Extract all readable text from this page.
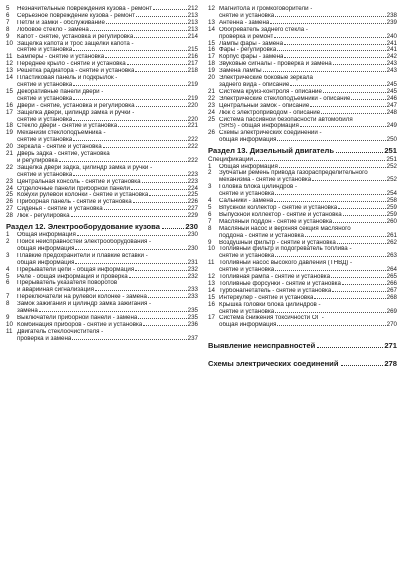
5	Незначительные повреждения кузова - ремонт	212
6	Серьезное повреждение кузова - ремонт	213
7	Петли и замки - обслуживание	213
8	Лобовое стекло - замена	213
9	Капот - снятие, установка и регулировка	214
10 Защелка капота и трос защелки капота -
снятие и установка	215
11 Бамперы - снятие и установка	216
12 Переднее крыло - снятие и установка	217
13 Решетка радиатора - снятие и установка	218
14 Пластиковая панель и подкрылок -
снятие и установка	219
15 Декоративные панели двери -
снятие и установка	219
16 Двери - снятие, установка и регулировка	220
17 Защелка двери, цилиндр замка и ручки -
снятие и установка	220
18 Стекло двери - снятие и установка	221
19 Механизм стеклоподъемника -
снятие и установка	222
20 Зеркала - снятие и установка	222
21 Дверь задка - снятие, установка
и регулировка	222
22 Защелка двери задка, цилиндр замка и ручки -
снятие и установка	223
23 Центральная консоль - снятие и установка	223
24 Отделочные панели приборной панели	224
25 Кожухи рулевой колонки - снятие и установка	225
26 Приборная панель - снятие и установка	226
27 Сиденья - снятие и установка	227
28 Люк - регулировка	229
Раздел 12. Электрооборудование кузова	230
1	Общая информация	230
2	Поиск неисправностей электрооборудования -
общая информация	230
3	Плавкие предохранители и плавкие вставки -
общая информация	231
4	Прерыватели цепи - общая информация	232
5	Реле - общая информация и проверка	232
6	Прерыватель указателя поворотов
и аварийная сигнализация	233
7	Переключатели на рулевой колонке - замена	233
8	Замок зажигания и цилиндр замка зажигания -
замена	235
9	Выключатели приборной панели - замена	235
10 Комбинация приборов - снятие и установка	236
11 Двигатель стеклоочистителя -
проверка и замена	237
12 Магнитола и громкоговорители -
снятие и установка	238
13 Антенна - замена	239
14 Обогреватель заднего стекла -
проверка и ремонт	240
15 Лампы фары - замена	241
16 Фары - регулировка	241
17 Корпус фары - замена	242
18 Звуковые сигналы - проверка и замена	243
19 Замена лампы	243
20 Электрические боковые зеркала
заднего вида - описание	245
21 Система круиз-контроля - описание	245
22 Электрические стеклоподъемники - описание	246
23 Центральный замок - описание	247
24 Люк с электроприводом - описание	248
25 Система пассивной безопасности автомобиля
(SRS) - общая информация	249
26 Схемы электрических соединений -
общая информация	250
Раздел 13. Дизельный двигатель	251
Спецификации	251
1	Общая информация	252
2	Зубчатый ремень привода газораспределительного
механизма - снятие и установка	252
3	Головка блока цилиндров -
снятие и установка	254
4	Сальники - замена	258
5	Впускной коллектор - снятие и установка	259
6	Выпускной коллектор - снятие и установка	259
7	Масляный поддон - снятие и установка	260
8	Масляный насос и верхняя секция масляного
поддона - снятие и установка	261
9	Воздушный фильтр - снятие и установка	262
10 Топливный фильтр и подогреватель топлива -
снятие и установка	263
11 Топливный насос высокого давления (ТНВД) -
снятие и установка	264
12 Топливная рампа - снятие и установка	265
13 Топливные форсунки - снятие и установка	266
14 Турбонагнетатель - снятие и установка	267
15 Интеркулер - снятие и установка	268
16 Крышка головки блока цилиндров -
снятие и установка	269
17 Система снижения токсичности ОГ -
общая информация	270
Выявление неисправностей	271
Схемы электрических соединений	278
